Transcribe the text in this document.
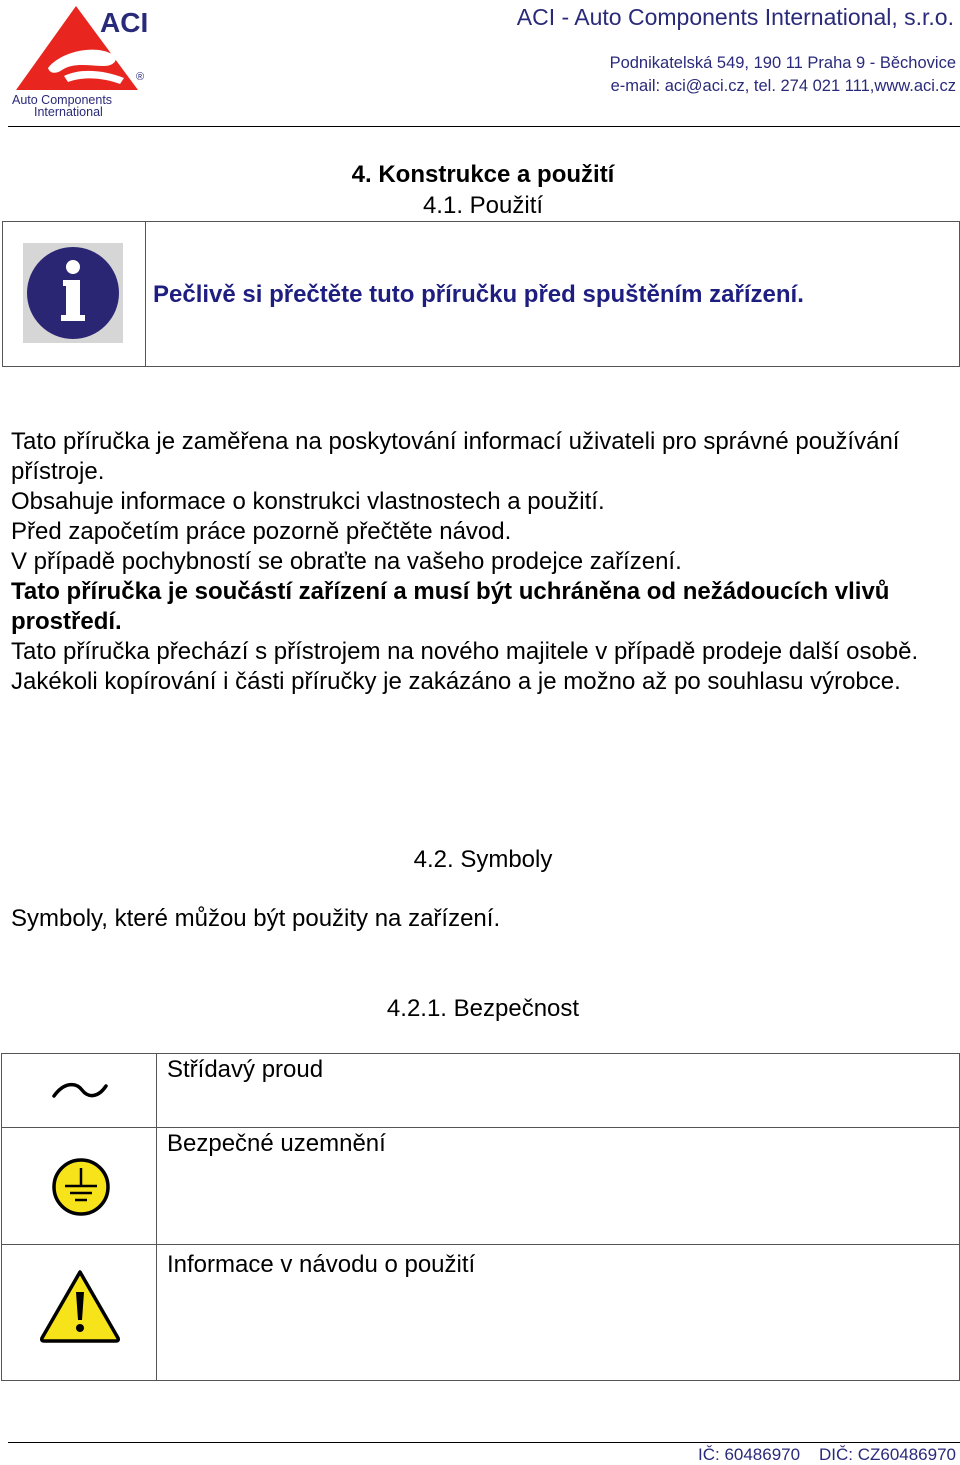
ACI
®
Auto Components
International
ACI - Auto Components International, s.r.o.
Podnikatelská 549, 190 11 Praha 9 - Běchovice
e-mail: aci@aci.cz, tel. 274 021 111,www.aci.cz
4. Konstrukce a použití
4.1. Použití
Pečlivě si přečtěte tuto příručku před spuštěním zařízení.

Tato příručka je zaměřena na poskytování informací uživateli pro správné používání přístroje.

Obsahuje informace o konstrukci vlastnostech a použití.

Před započetím práce pozorně přečtěte návod.

V případě pochybností se obraťte na vašeho prodejce zařízení.

Tato příručka je součástí zařízení a musí být uchráněna od nežádoucích vlivů prostředí.

Tato příručka přechází s přístrojem na nového majitele v případě prodeje další osobě.

Jakékoli kopírování i části příručky je zakázáno a je možno až po souhlasu výrobce.

4.2. Symboly
Symboly, které můžou být použity na zařízení.
4.2.1. Bezpečnost
Střídavý proud
Bezpečné uzemnění
Informace v návodu o použití
IČ: 60486970    DIČ: CZ60486970
